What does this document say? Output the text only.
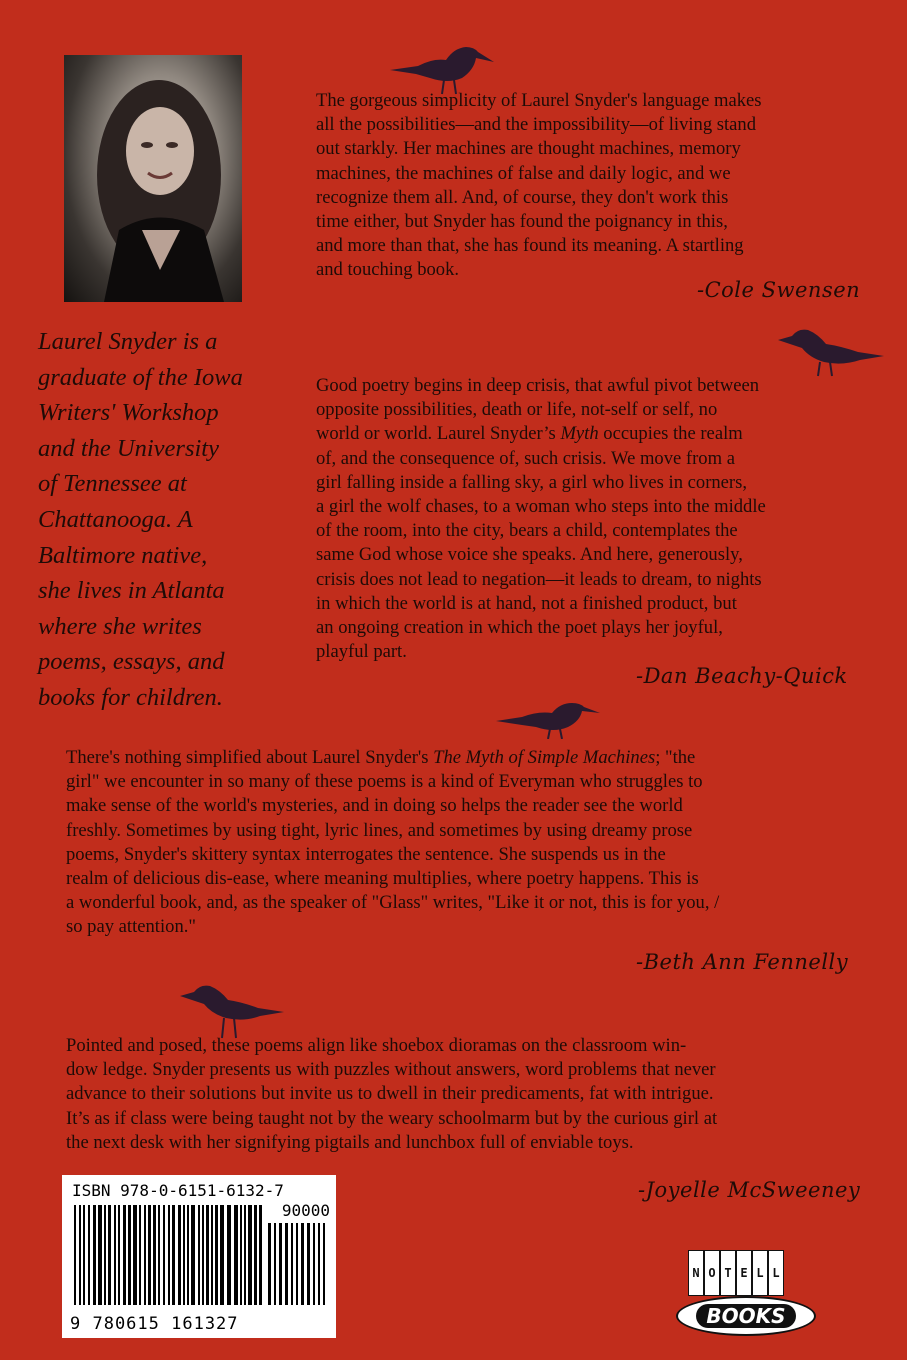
Laurel Snyder is a
graduate of the Iowa
Writers' Workshop
and the University
of Tennessee at
Chattanooga. A
Baltimore native,
she lives in Atlanta
where she writes
poems, essays, and
books for children.

The gorgeous simplicity of Laurel Snyder's language makes
all the possibilities—and the impossibility—of living stand
out starkly. Her machines are thought machines, memory
machines, the machines of false and daily logic, and we
recognize them all. And, of course, they don't work this
time either, but Snyder has found the poignancy in this,
and more than that, she has found its meaning. A startling
and touching book.

-Cole Swensen

Good poetry begins in deep crisis, that awful pivot between
opposite possibilities, death or life, not-self or self, no
world or world. Laurel Snyder’s Myth occupies the realm
of, and the consequence of, such crisis. We move from a
girl falling inside a falling sky, a girl who lives in corners,
a girl the wolf chases, to a woman who steps into the middle
of the room, into the city, bears a child, contemplates the
same God whose voice she speaks. And here, generously,
crisis does not lead to negation—it leads to dream, to nights
in which the world is at hand, not a finished product, but
an ongoing creation in which the poet plays her joyful,
playful part.

-Dan Beachy-Quick

There's nothing simplified about Laurel Snyder's The Myth of Simple Machines; "the
girl" we encounter in so many of these poems is a kind of Everyman who struggles to
make sense of the world's mysteries, and in doing so helps the reader see the world
freshly. Sometimes by using tight, lyric lines, and sometimes by using dreamy prose
poems, Snyder's skittery syntax interrogates the sentence. She suspends us in the
realm of delicious dis-ease, where meaning multiplies, where poetry happens. This is
a wonderful book, and, as the speaker of "Glass" writes, "Like it or not, this is for you, /
so pay attention."

-Beth Ann Fennelly

Pointed and posed, these poems align like shoebox dioramas on the classroom win-
dow ledge. Snyder presents us with puzzles without answers, word problems that never
advance to their solutions but invite us to dwell in their predicaments, fat with intrigue.
It’s as if class were being taught not by the weary schoolmarm but by the curious girl at
the next desk with her signifying pigtails and lunchbox full of enviable toys.

-Joyelle McSweeney

ISBN 978-0-6151-6132-7

90000

9 780615 161327

N O T E L L
BOOKS
